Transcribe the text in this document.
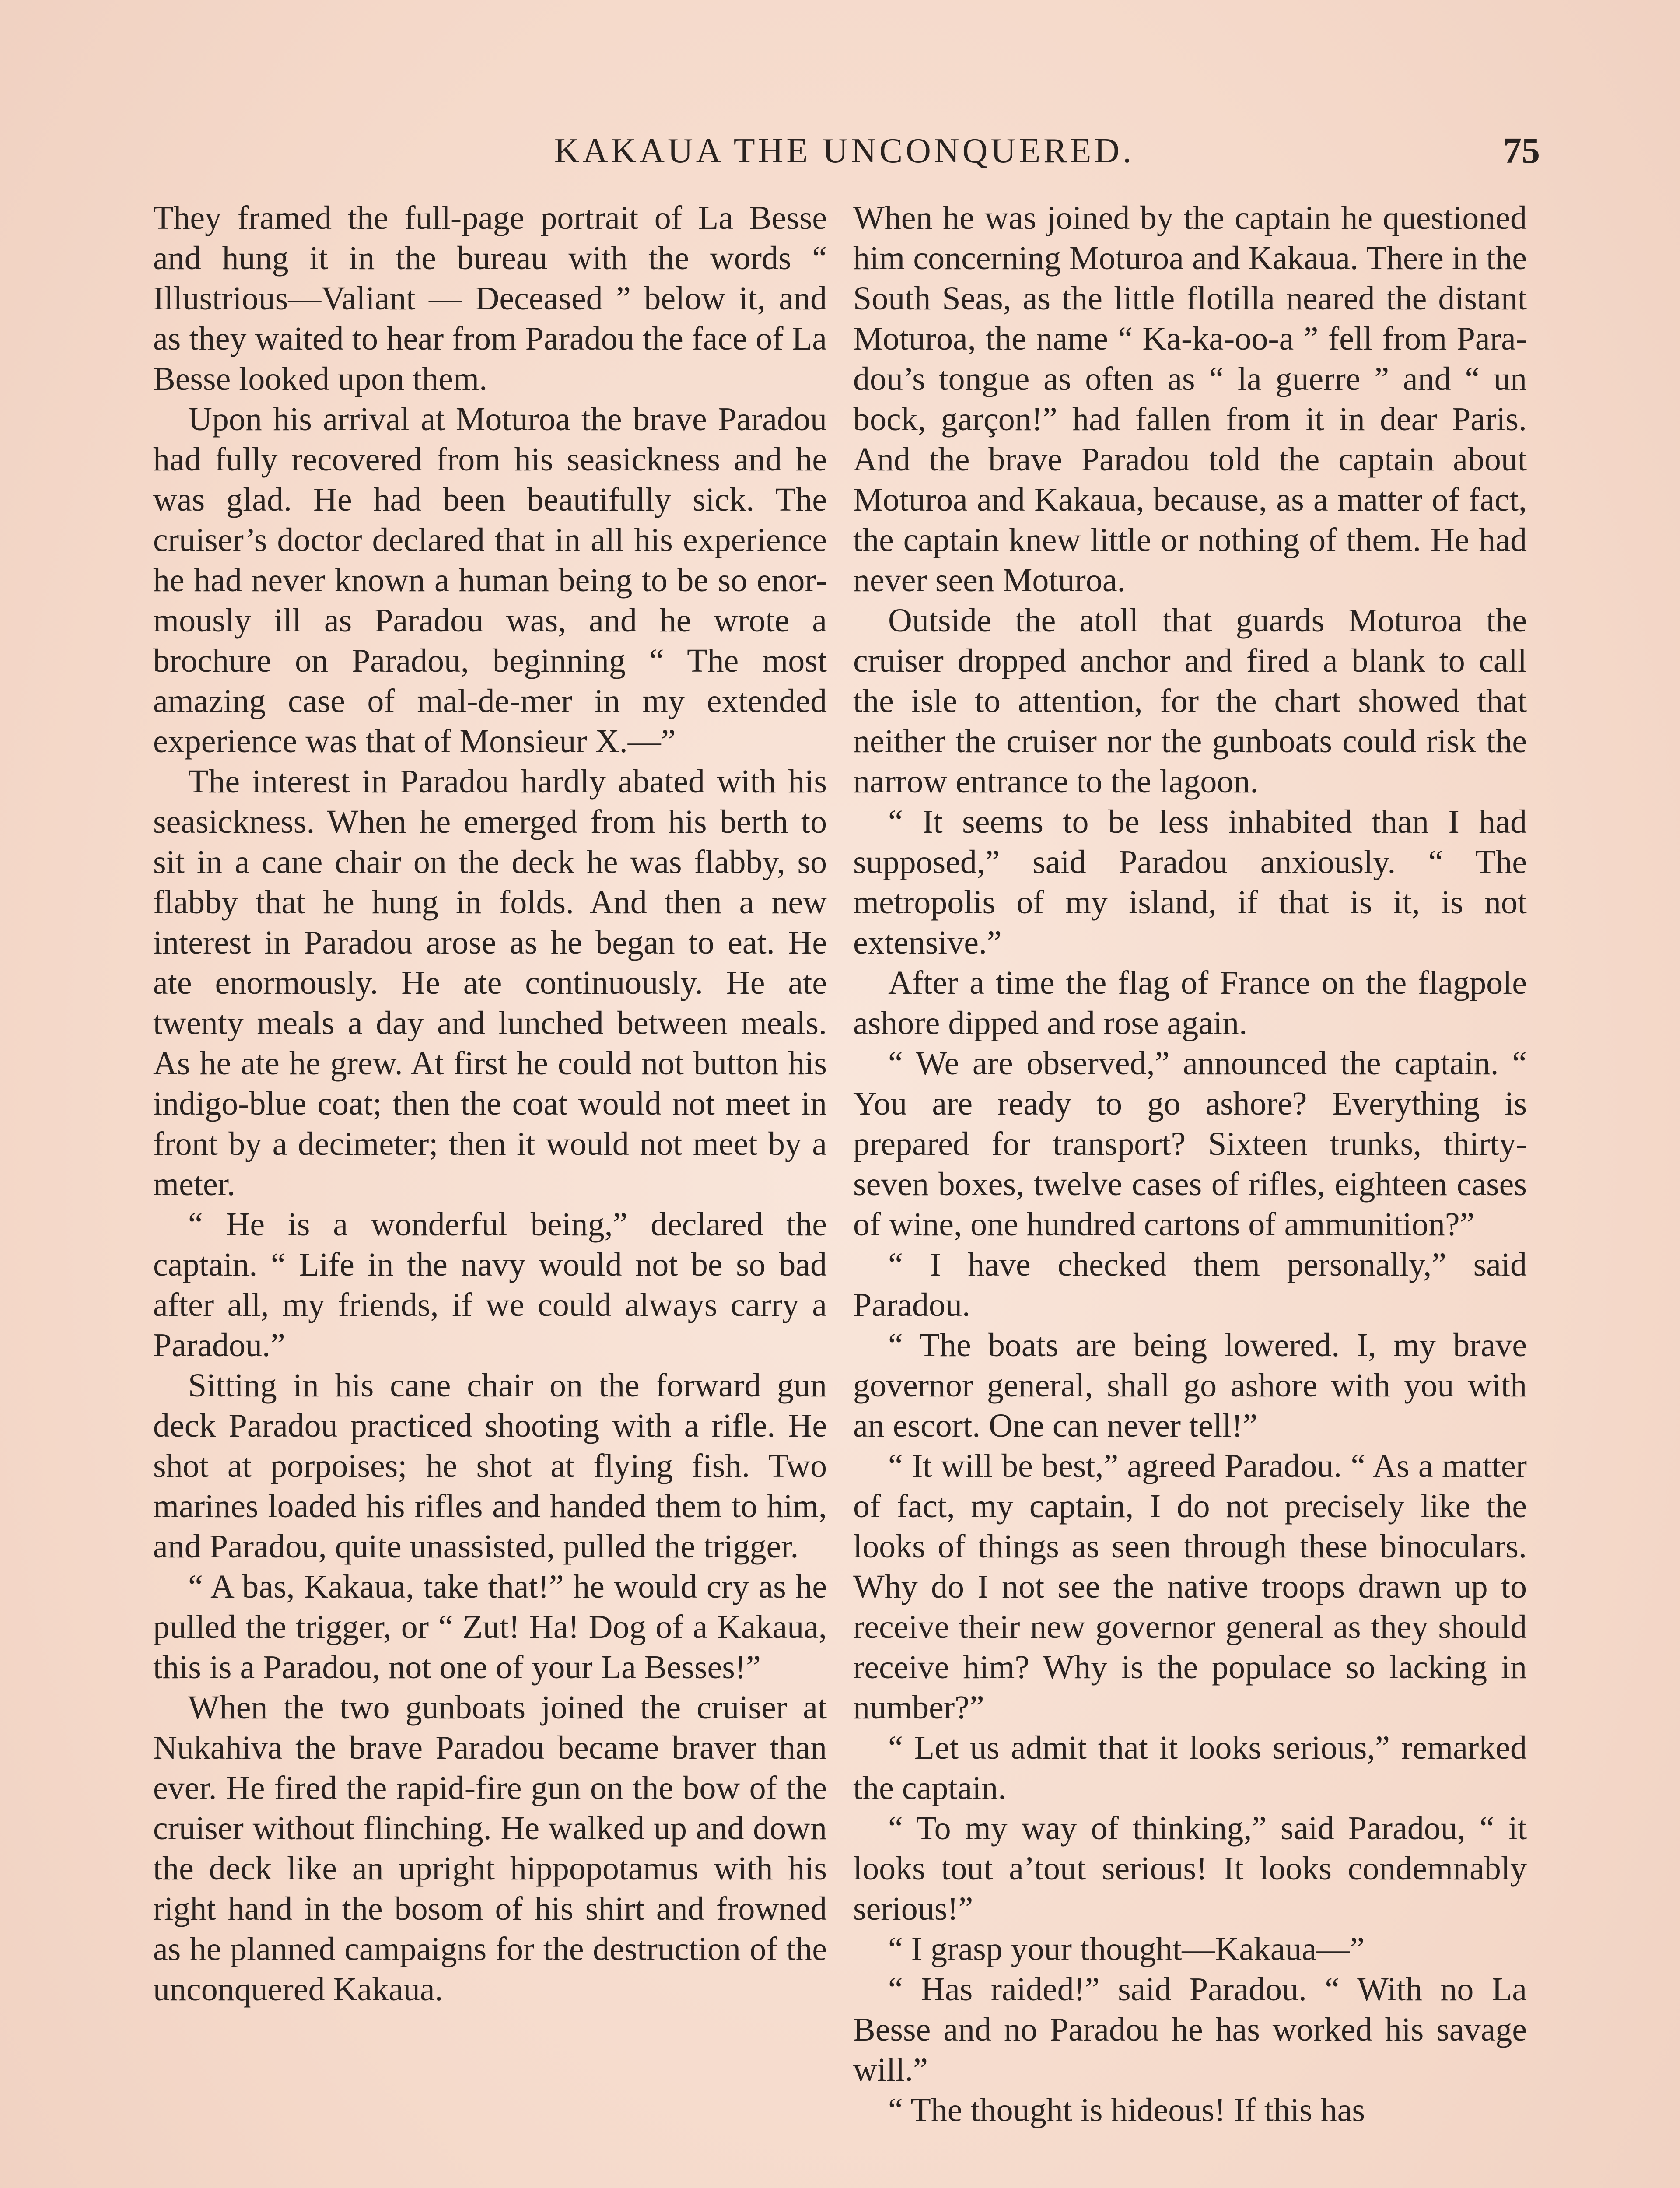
KAKAUA THE UNCONQUERED.	75

They framed the full-page portrait of La Besse and hung it in the bureau with the words “ Illustrious—Valiant — Deceased ” below it, and as they waited to hear from Paradou the face of La Besse looked upon them.

Upon his arrival at Moturoa the brave Paradou had fully recovered from his seasickness and he was glad. He had been beautifully sick. The cruiser’s doctor declared that in all his experience he had never known a human being to be so enormously ill as Paradou was, and he wrote a brochure on Paradou, beginning “ The most amazing case of mal-de-mer in my extended experience was that of Monsieur X.—”

The interest in Paradou hardly abated with his seasickness. When he emerged from his berth to sit in a cane chair on the deck he was flabby, so flabby that he hung in folds. And then a new interest in Paradou arose as he began to eat. He ate enormously. He ate continuously. He ate twenty meals a day and lunched between meals. As he ate he grew. At first he could not button his indigo-blue coat; then the coat would not meet in front by a decimeter; then it would not meet by a meter.

“ He is a wonderful being,” declared the captain. “ Life in the navy would not be so bad after all, my friends, if we could always carry a Paradou.”

Sitting in his cane chair on the forward gun deck Paradou practiced shooting with a rifle. He shot at porpoises; he shot at flying fish. Two marines loaded his rifles and handed them to him, and Paradou, quite unassisted, pulled the trigger.

“ A bas, Kakaua, take that!” he would cry as he pulled the trigger, or “ Zut! Ha! Dog of a Kakaua, this is a Paradou, not one of your La Besses!”

When the two gunboats joined the cruiser at Nukahiva the brave Paradou became braver than ever. He fired the rapid-fire gun on the bow of the cruiser without flinching. He walked up and down the deck like an upright hippopotamus with his right hand in the bosom of his shirt and frowned as he planned campaigns for the destruction of the unconquered Kakaua.

When he was joined by the captain he questioned him concerning Moturoa and Kakaua. There in the South Seas, as the little flotilla neared the distant Moturoa, the name “ Ka-ka-oo-a ” fell from Paradou’s tongue as often as “ la guerre ” and “ un bock, garçon!” had fallen from it in dear Paris. And the brave Paradou told the captain about Moturoa and Kakaua, because, as a matter of fact, the captain knew little or nothing of them. He had never seen Moturoa.

Outside the atoll that guards Moturoa the cruiser dropped anchor and fired a blank to call the isle to attention, for the chart showed that neither the cruiser nor the gunboats could risk the narrow entrance to the lagoon.

“ It seems to be less inhabited than I had supposed,” said Paradou anxiously. “ The metropolis of my island, if that is it, is not extensive.”

After a time the flag of France on the flagpole ashore dipped and rose again.

“ We are observed,” announced the captain. “ You are ready to go ashore? Everything is prepared for transport? Sixteen trunks, thirty-seven boxes, twelve cases of rifles, eighteen cases of wine, one hundred cartons of ammunition?”

“ I have checked them personally,” said Paradou.

“ The boats are being lowered. I, my brave governor general, shall go ashore with you with an escort. One can never tell!”

“ It will be best,” agreed Paradou. “ As a matter of fact, my captain, I do not precisely like the looks of things as seen through these binoculars. Why do I not see the native troops drawn up to receive their new governor general as they should receive him? Why is the populace so lacking in number?”

“ Let us admit that it looks serious,” remarked the captain.

“ To my way of thinking,” said Paradou, “ it looks tout a’tout serious! It looks condemnably serious!”

“ I grasp your thought—Kakaua—”

“ Has raided!” said Paradou. “ With no La Besse and no Paradou he has worked his savage will.”

“ The thought is hideous! If this has
